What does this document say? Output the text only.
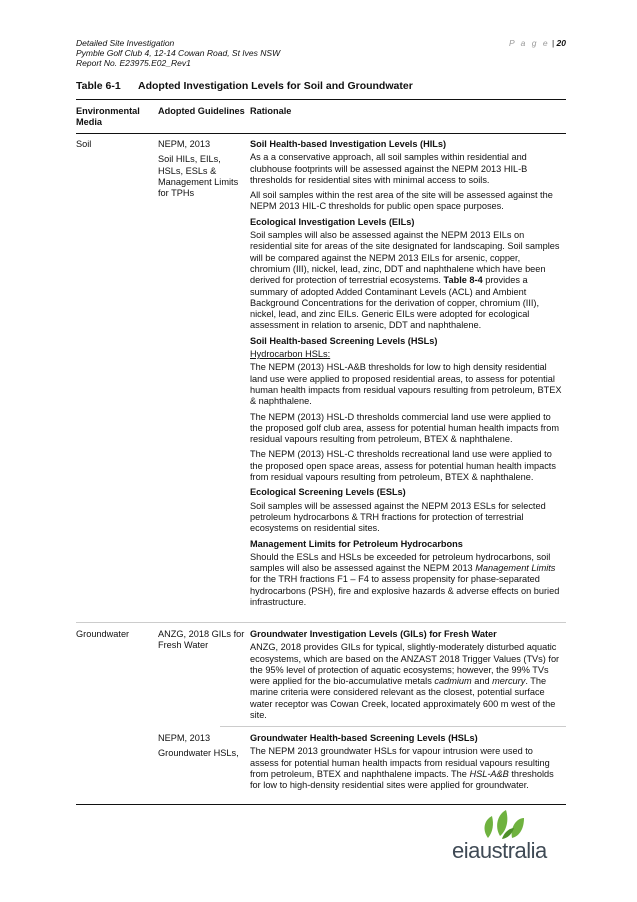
Detailed Site Investigation
Pymble Golf Club 4, 12-14 Cowan Road, St Ives NSW
Report No. E23975.E02_Rev1
P a g e | 20
Table 6-1 Adopted Investigation Levels for Soil and Groundwater
Environmental Media
Adopted Guidelines Rationale
Soil	NEPM, 2013
Soil HILs, EILs, HSLs, ESLs & Management Limits for TPHs
Soil Health-based Investigation Levels (HILs)
As a a conservative approach, all soil samples within residential and clubhouse footprints will be assessed against the NEPM 2013 HIL-B thresholds for residential sites with minimal access to soils.
All soil samples within the rest area of the site will be assessed against the NEPM 2013 HIL-C thresholds for public open space purposes.
Ecological Investigation Levels (EILs)
Soil samples will also be assessed against the NEPM 2013 EILs on residential site for areas of the site designated for landscaping. Soil samples will be compared against the NEPM 2013 EILs for arsenic, copper, chromium (III), nickel, lead, zinc, DDT and naphthalene which have been derived for protection of terrestrial ecosystems. Table 8-4 provides a summary of adopted Added Contaminant Levels (ACL) and Ambient Background Concentrations for the derivation of copper, chromium (III), nickel, lead, and zinc EILs. Generic EILs were adopted for ecological assessment in relation to arsenic, DDT and naphthalene.
Soil Health-based Screening Levels (HSLs)
Hydrocarbon HSLs:
The NEPM (2013) HSL-A&B thresholds for low to high density residential land use were applied to proposed residential areas, to assess for potential human health impacts from residual vapours resulting from petroleum, BTEX & naphthalene.
The NEPM (2013) HSL-D thresholds commercial land use were applied to the proposed golf club area, assess for potential human health impacts from residual vapours resulting from petroleum, BTEX & naphthalene.
The NEPM (2013) HSL-C thresholds recreational land use were applied to the proposed open space areas, assess for potential human health impacts from residual vapours resulting from petroleum, BTEX & naphthalene.
Ecological Screening Levels (ESLs)
Soil samples will be assessed against the NEPM 2013 ESLs for selected petroleum hydrocarbons & TRH fractions for protection of terrestrial ecosystems on residential sites.
Management Limits for Petroleum Hydrocarbons
Should the ESLs and HSLs be exceeded for petroleum hydrocarbons, soil samples will also be assessed against the NEPM 2013 Management Limits for the TRH fractions F1 – F4 to assess propensity for phase-separated hydrocarbons (PSH), fire and explosive hazards & adverse effects on buried infrastructure.
Groundwater	ANZG, 2018 GILs for Fresh Water
Groundwater Investigation Levels (GILs) for Fresh Water
ANZG, 2018 provides GILs for typical, slightly-moderately disturbed aquatic ecosystems, which are based on the ANZAST 2018 Trigger Values (TVs) for the 95% level of protection of aquatic ecosystems; however, the 99% TVs were applied for the bio-accumulative metals cadmium and mercury. The marine criteria were considered relevant as the closest, potential surface water receptor was Cowan Creek, located approximately 600 m west of the site.
NEPM, 2013
Groundwater HSLs,
Groundwater Health-based Screening Levels (HSLs)
The NEPM 2013 groundwater HSLs for vapour intrusion were used to assess for potential human health impacts from residual vapours resulting from petroleum, BTEX and naphthalene impacts. The HSL-A&B thresholds for low to high-density residential sites were applied for groundwater.
eiaustralia
